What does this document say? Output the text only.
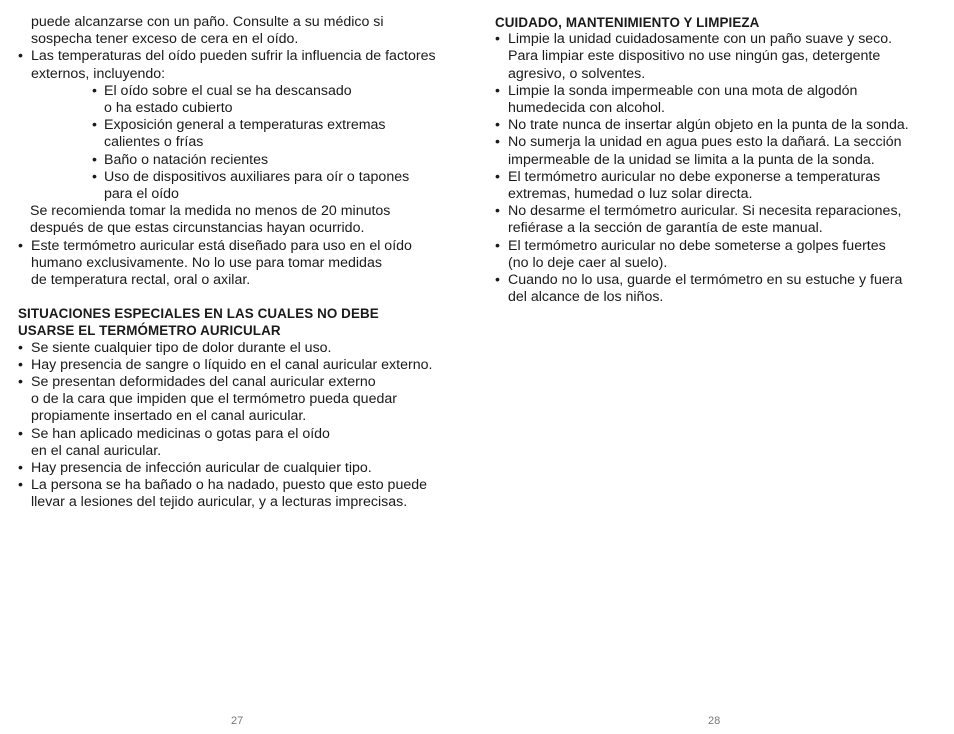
puede alcanzarse con un paño. Consulte a su médico si
sospecha tener exceso de cera en el oído.
• Las temperaturas del oído pueden sufrir la influencia de factores
externos, incluyendo:
• El oído sobre el cual se ha descansado
o ha estado cubierto
• Exposición general a temperaturas extremas
calientes o frías
• Baño o natación recientes
• Uso de dispositivos auxiliares para oír o tapones
para el oído
Se recomienda tomar la medida no menos de 20 minutos
después de que estas circunstancias hayan ocurrido.
• Este termómetro auricular está diseñado para uso en el oído
humano exclusivamente. No lo use para tomar medidas
de temperatura rectal, oral o axilar.
SITUACIONES ESPECIALES EN LAS CUALES NO DEBE
USARSE EL TERMÓMETRO AURICULAR
• Se siente cualquier tipo de dolor durante el uso.
• Hay presencia de sangre o líquido en el canal auricular externo.
• Se presentan deformidades del canal auricular externo
o de la cara que impiden que el termómetro pueda quedar
propiamente insertado en el canal auricular.
• Se han aplicado medicinas o gotas para el oído
en el canal auricular.
• Hay presencia de infección auricular de cualquier tipo.
• La persona se ha bañado o ha nadado, puesto que esto puede
llevar a lesiones del tejido auricular, y a lecturas imprecisas.
CUIDADO, MANTENIMIENTO Y LIMPIEZA
• Limpie la unidad cuidadosamente con un paño suave y seco.
Para limpiar este dispositivo no use ningún gas, detergente
agresivo, o solventes.
• Limpie la sonda impermeable con una mota de algodón
humedecida con alcohol.
• No trate nunca de insertar algún objeto en la punta de la sonda.
• No sumerja la unidad en agua pues esto la dañará. La sección
impermeable de la unidad se limita a la punta de la sonda.
• El termómetro auricular no debe exponerse a temperaturas
extremas, humedad o luz solar directa.
• No desarme el termómetro auricular. Si necesita reparaciones,
refiérase a la sección de garantía de este manual.
• El termómetro auricular no debe someterse a golpes fuertes
(no lo deje caer al suelo).
• Cuando no lo usa, guarde el termómetro en su estuche y fuera
del alcance de los niños.
27	28
